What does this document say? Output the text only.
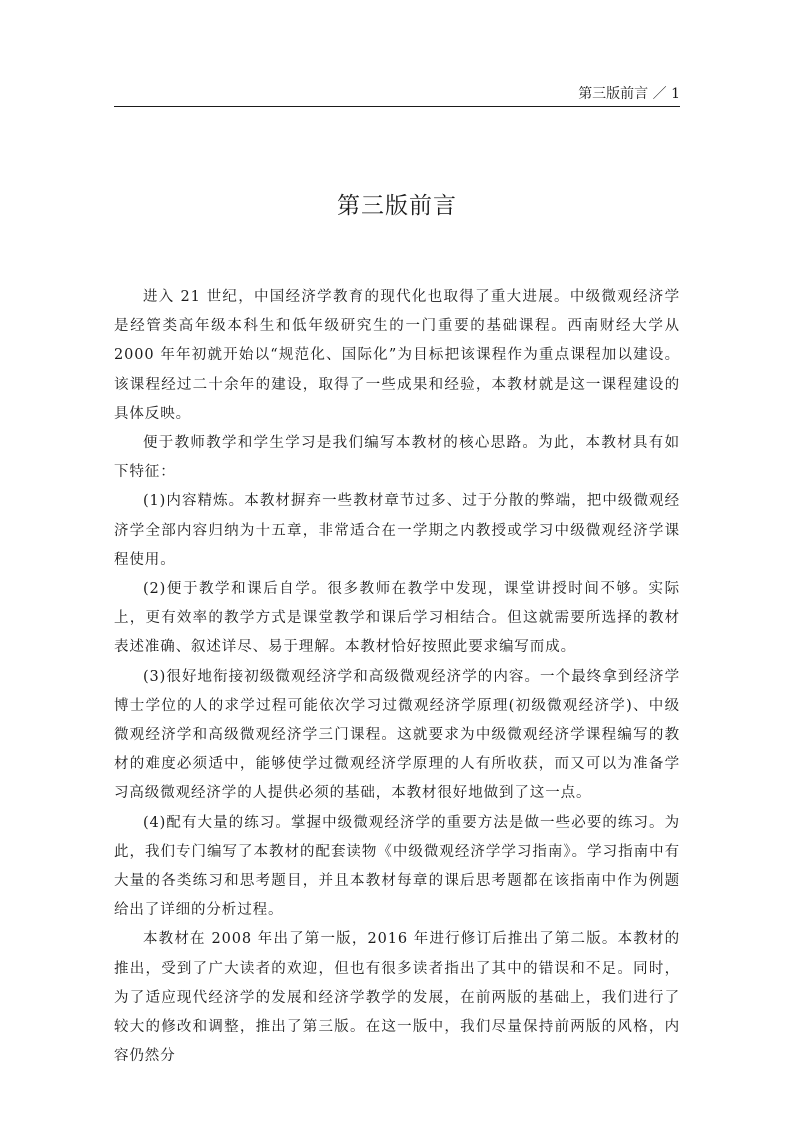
第三版前言 ／ 1
第三版前言

进入 21 世纪，中国经济学教育的现代化也取得了重大进展。中级微观经济学是经管类高年级本科生和低年级研究生的一门重要的基础课程。西南财经大学从 2000 年年初就开始以“规范化、国际化”为目标把该课程作为重点课程加以建设。该课程经过二十余年的建设，取得了一些成果和经验，本教材就是这一课程建设的具体反映。

便于教师教学和学生学习是我们编写本教材的核心思路。为此，本教材具有如下特征：

(1)内容精炼。本教材摒弃一些教材章节过多、过于分散的弊端，把中级微观经济学全部内容归纳为十五章，非常适合在一学期之内教授或学习中级微观经济学课程使用。

(2)便于教学和课后自学。很多教师在教学中发现，课堂讲授时间不够。实际上，更有效率的教学方式是课堂教学和课后学习相结合。但这就需要所选择的教材表述准确、叙述详尽、易于理解。本教材恰好按照此要求编写而成。

(3)很好地衔接初级微观经济学和高级微观经济学的内容。一个最终拿到经济学博士学位的人的求学过程可能依次学习过微观经济学原理(初级微观经济学)、中级微观经济学和高级微观经济学三门课程。这就要求为中级微观经济学课程编写的教材的难度必须适中，能够使学过微观经济学原理的人有所收获，而又可以为准备学习高级微观经济学的人提供必须的基础，本教材很好地做到了这一点。

(4)配有大量的练习。掌握中级微观经济学的重要方法是做一些必要的练习。为此，我们专门编写了本教材的配套读物《中级微观经济学学习指南》。学习指南中有大量的各类练习和思考题目，并且本教材每章的课后思考题都在该指南中作为例题给出了详细的分析过程。

本教材在 2008 年出了第一版，2016 年进行修订后推出了第二版。本教材的推出，受到了广大读者的欢迎，但也有很多读者指出了其中的错误和不足。同时，为了适应现代经济学的发展和经济学教学的发展，在前两版的基础上，我们进行了较大的修改和调整，推出了第三版。在这一版中，我们尽量保持前两版的风格，内容仍然分
